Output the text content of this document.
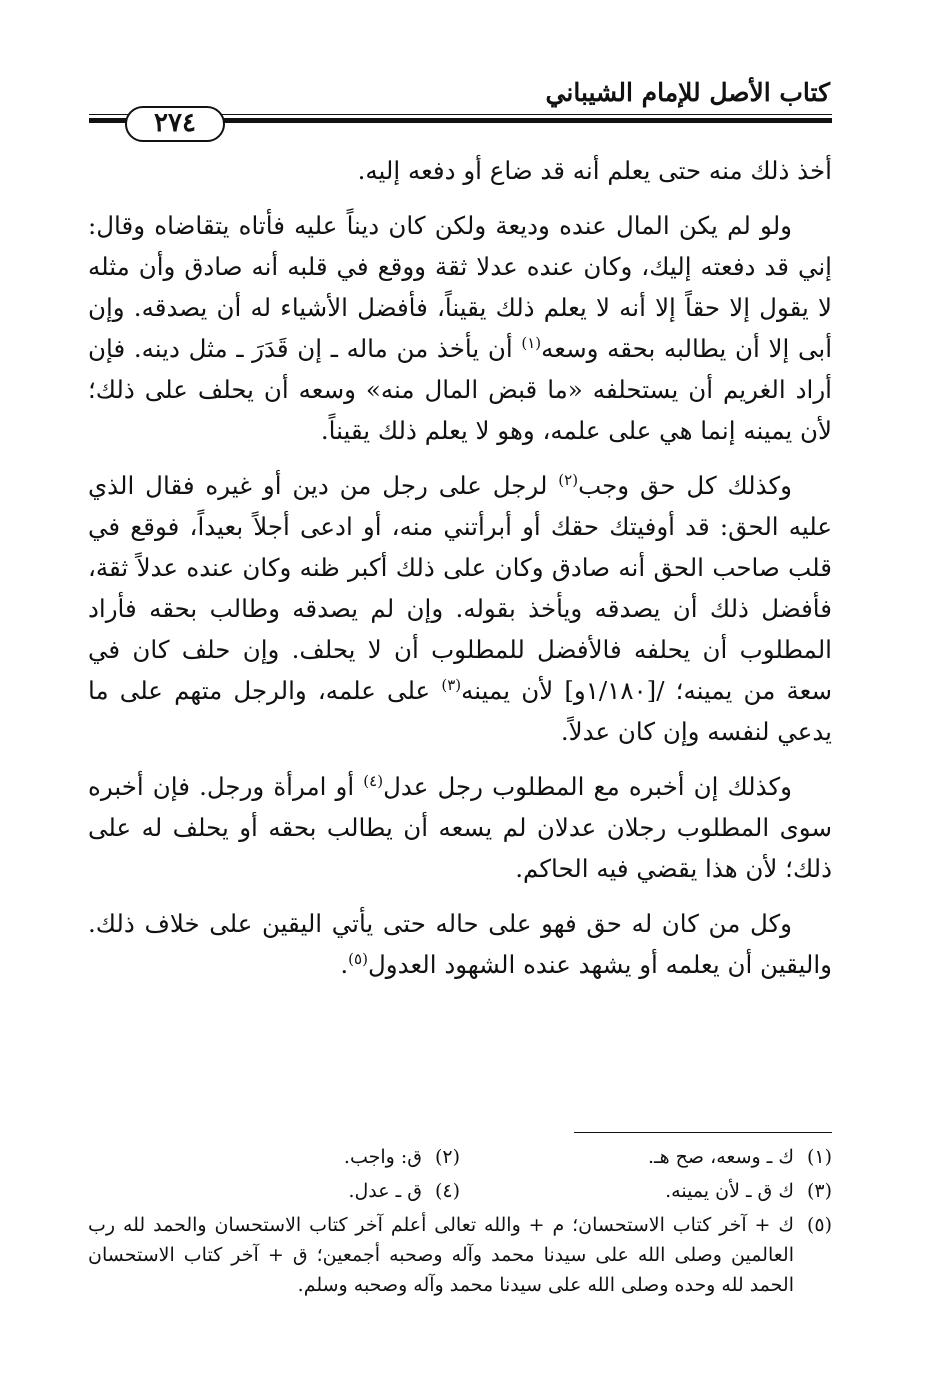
كتاب الأصل للإمام الشيباني
٢٧٤

أخذ ذلك منه حتى يعلم أنه قد ضاع أو دفعه إليه.

ولو لم يكن المال عنده وديعة ولكن كان ديناً عليه فأتاه يتقاضاه وقال: إني قد دفعته إليك، وكان عنده عدلا ثقة ووقع في قلبه أنه صادق وأن مثله لا يقول إلا حقاً إلا أنه لا يعلم ذلك يقيناً، فأفضل الأشياء له أن يصدقه. وإن أبى إلا أن يطالبه بحقه وسعه$^{(١)}$ أن يأخذ من ماله ـ إن قَدَرَ ـ مثل دينه. فإن أراد الغريم أن يستحلفه «ما قبض المال منه» وسعه أن يحلف على ذلك؛ لأن يمينه إنما هي على علمه، وهو لا يعلم ذلك يقيناً.

وكذلك كل حق وجب$^{(٢)}$ لرجل على رجل من دين أو غيره فقال الذي عليه الحق: قد أوفيتك حقك أو أبرأتني منه، أو ادعى أجلاً بعيداً، فوقع في قلب صاحب الحق أنه صادق وكان على ذلك أكبر ظنه وكان عنده عدلاً ثقة، فأفضل ذلك أن يصدقه ويأخذ بقوله. وإن لم يصدقه وطالب بحقه فأراد المطلوب أن يحلفه فالأفضل للمطلوب أن لا يحلف. وإن حلف كان في سعة من يمينه؛ /[١/١٨٠و] لأن يمينه$^{(٣)}$ على علمه، والرجل متهم على ما يدعي لنفسه وإن كان عدلاً.

وكذلك إن أخبره مع المطلوب رجل عدل$^{(٤)}$ أو امرأة ورجل. فإن أخبره سوى المطلوب رجلان عدلان لم يسعه أن يطالب بحقه أو يحلف له على ذلك؛ لأن هذا يقضي فيه الحاكم.

وكل من كان له حق فهو على حاله حتى يأتي اليقين على خلاف ذلك. واليقين أن يعلمه أو يشهد عنده الشهود العدول$^{(٥)}$.

(١)ك ـ وسعه، صح هـ.
(٢)ق: واجب.
(٣)ك ق ـ لأن يمينه.
(٤)ق ـ عدل.
(٥)
ك + آخر كتاب الاستحسان؛ م + والله تعالى أعلم آخر كتاب الاستحسان والحمد لله رب العالمين وصلى الله على سيدنا محمد وآله وصحبه أجمعين؛ ق + آخر كتاب الاستحسان الحمد لله وحده وصلى الله على سيدنا محمد وآله وصحبه وسلم.
